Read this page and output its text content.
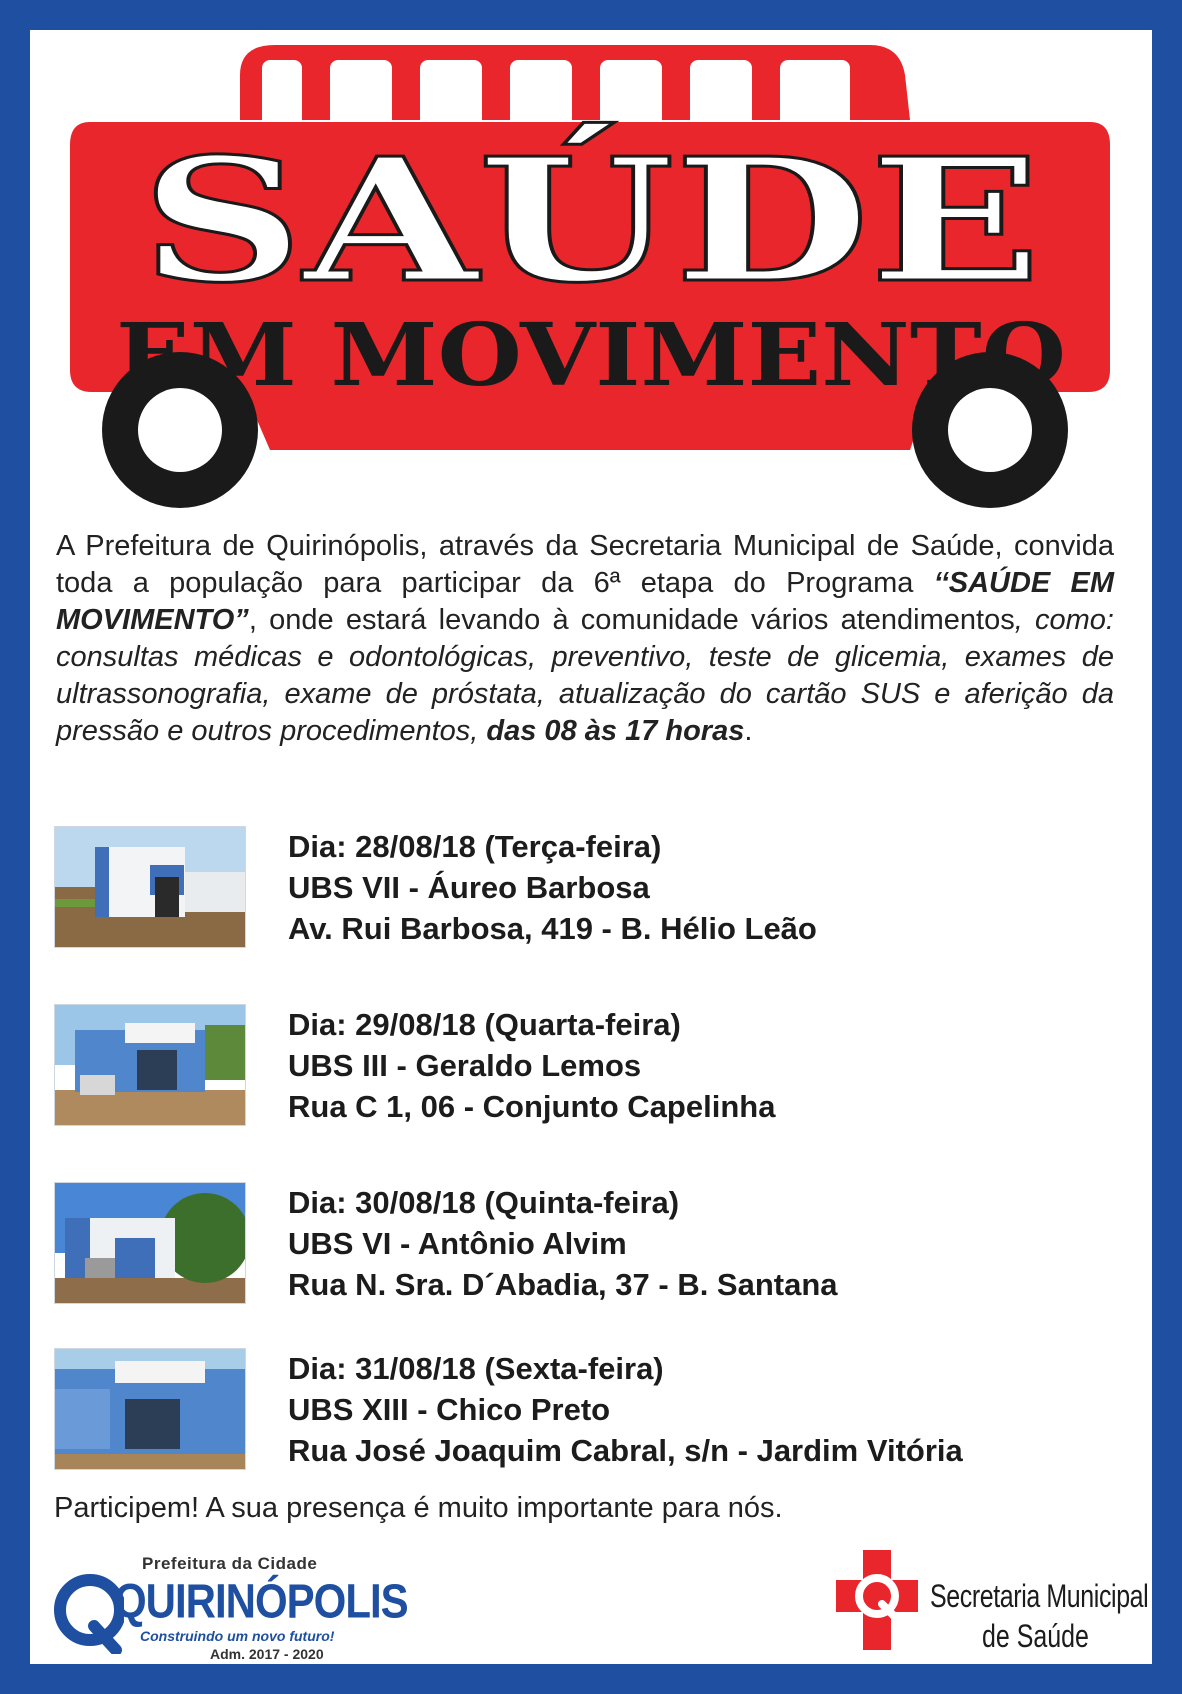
SAÚDE
EM MOVIMENTO
A Prefeitura de Quirinópolis, através da Secretaria Municipal de Saúde, convida toda a população para participar da 6ª etapa do Programa ‘‘SAÚDE EM MOVIMENTO”, onde estará levando à comunidade vários atendimentos, como: consultas médicas e odontológicas, preventivo, teste de glicemia, exames de ultrassonografia, exame de próstata, atualização do cartão SUS e aferição da pressão e outros procedimentos, das 08 às 17 horas.
Dia: 28/08/18 (Terça-feira)
UBS VII - Áureo Barbosa
Av. Rui Barbosa, 419 - B. Hélio Leão
Dia: 29/08/18 (Quarta-feira)
UBS III - Geraldo Lemos
Rua C 1, 06 - Conjunto Capelinha
Dia: 30/08/18 (Quinta-feira)
UBS VI - Antônio Alvim
Rua N. Sra. D´Abadia, 37 - B. Santana
Dia: 31/08/18 (Sexta-feira)
UBS XIII - Chico Preto
Rua José Joaquim Cabral, s/n - Jardim Vitória
Participem! A sua presença é muito importante para nós.
Prefeitura da Cidade
QUIRINÓPOLIS
Construindo um novo futuro!
Adm. 2017 - 2020
Secretaria Municipal
de Saúde
